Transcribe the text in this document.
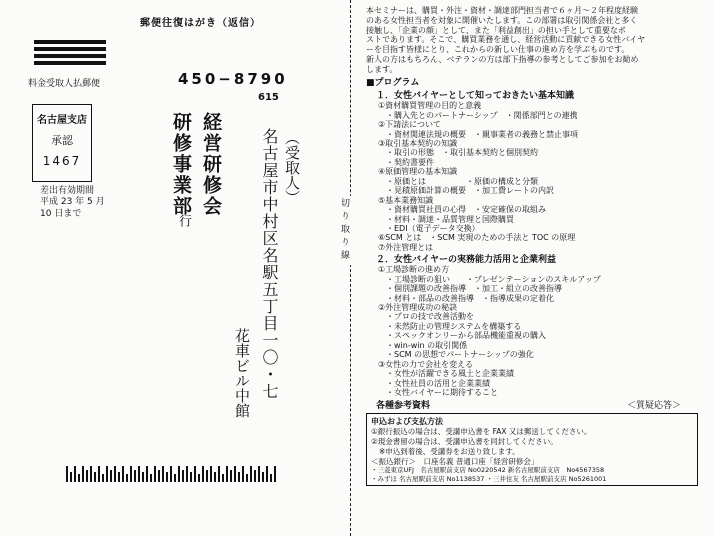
郵便往復はがき（返信）
料金受取人払郵便
名古屋支店
承認
1467
差出有効期間
平成 23 年 5 月
10 日まで
450−8790
615
経営研修会
研修事業部
行
（受取人）
名古屋市中村区名駅五丁目一〇・七
花車ビル中館
切り取り線
本セミナーは、購買・外注・資材・調達部門担当者で６ヶ月〜２年程度経験
のある女性担当者を対象に開催いたします。この部署は取引関係会社と多く
接触し、「企業の顔」として、また「利益創出」の担い手として重要なポ
ストであります。そこで、購買業務を通し、経営活動に貢献できる女性バイヤ
ーを目指す皆様にとり、これからの新しい仕事の進め方を学ぶものです。
新人の方はもちろん、ベテランの方は部下指導の参考としてご参加をお勧め
します。
■プログラム
１．女性バイヤーとして知っておきたい基本知識
①資材購買管理の目的と意義
　・購入先とのパートナーシップ　・関係部門との連携
②下請法について
　・資材関連法規の概要　・親事業者の義務と禁止事項
③取引基本契約の知識
　・取引の形態　・取引基本契約と個別契約
　・契約書要件
④原価管理の基本知識
　・原価とは　　　　　・原価の構成と分類
　・見積原価計算の概要　・加工費レートの内訳
⑤基本業務知識
　・資材購買社員の心得　・安定確保の取組み
　・材料・調達・品質管理と国際購買
　・EDI（電子データ交換）
⑥SCM とは　・SCM 実現のための手法と TOC の原理
⑦外注管理とは
２．女性バイヤーの実務能力活用と企業利益
①工場診断の進め方
　・工場診断の狙い　　・プレゼンテーションのスキルアップ
　・個別課題の改善指導　・加工・組立の改善指導
　・材料・部品の改善指導　・指導成果の定着化
②外注管理成功の秘訣
　・プロの技で改善活動を
　・未然防止の管理システムを構築する
　・スペックオンリーから部品機能重視の購入
　・win-win の取引関係
　・SCM の思想でパートナーシップの強化
③女性の力で会社を変える
　・女性が活躍できる風土と企業業績
　・女性社員の活用と企業業績
　・女性バイヤーに期待すること
各種参考資料	＜質疑応答＞
申込および支払方法
①銀行振込の場合は、受講申込書を FAX 又は郵送してください。
②現金書留の場合は、受講申込書を同封してください。
※申込到着後、受講券をお送り致します。
＜振込銀行＞　口座名義 普通口座「経営研修会」
・三菱東京UFJ　名古屋駅前支店 No0220542 新名古屋駅前支店　No4567358
・みずほ 名古屋駅前支店 No1138537 ・三井住友 名古屋駅前支店 No5261001
